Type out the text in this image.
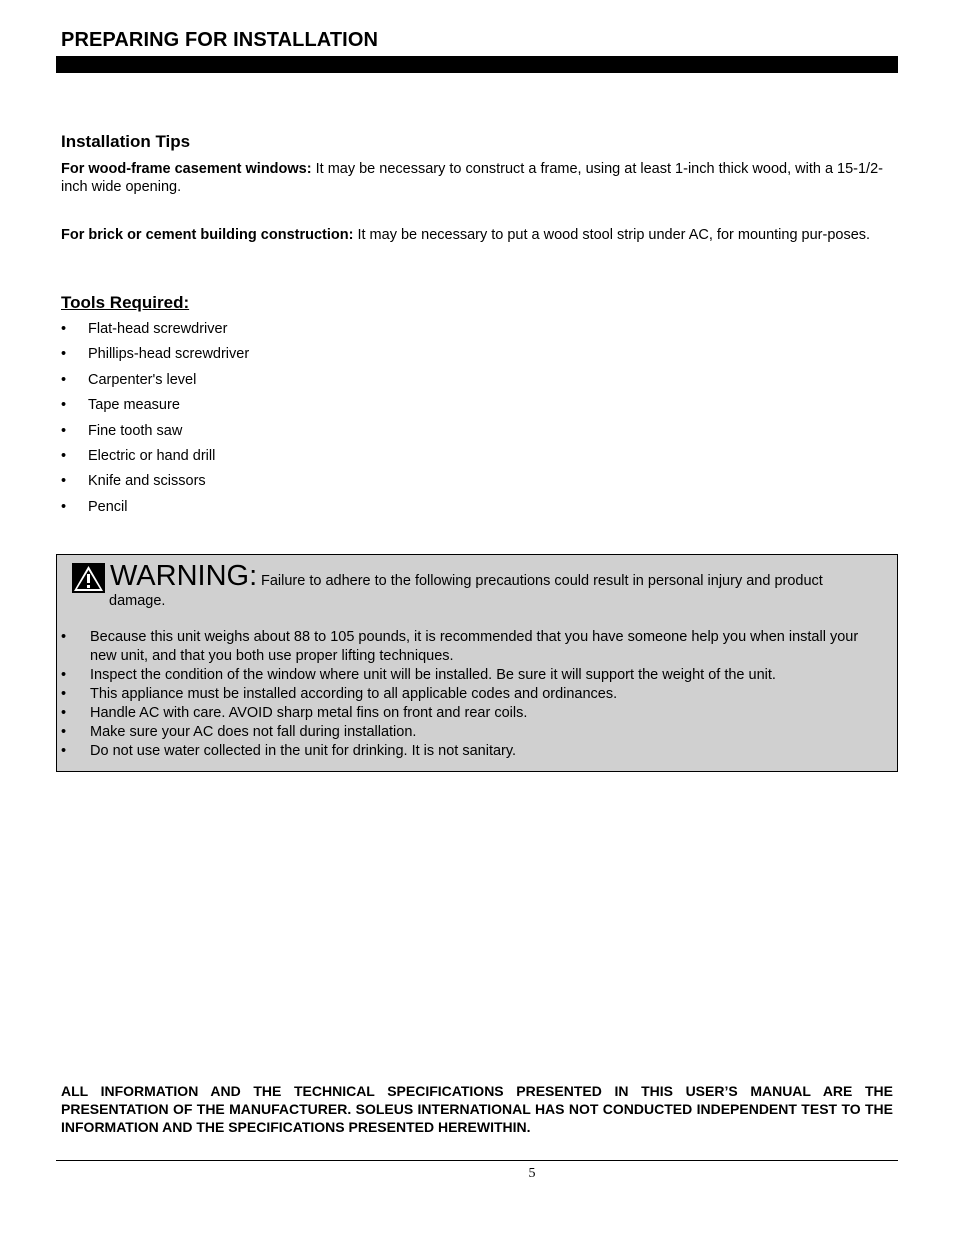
PREPARING FOR INSTALLATION
Installation Tips
For wood-frame casement windows: It may be necessary to construct a frame, using at least 1-inch thick wood, with a 15-1/2-inch wide opening.
For brick or cement building construction: It may be necessary to put a wood stool strip under AC, for mounting pur-poses.
Tools Required:
• Flat-head screwdriver
• Phillips-head screwdriver
• Carpenter's level
• Tape measure
• Fine tooth saw
• Electric or hand drill
• Knife and scissors
• Pencil
WARNING: Failure to adhere to the following precautions could result in personal injury and product damage.
• Because this unit weighs about 88 to 105 pounds, it is recommended that you have someone help you when install your new unit, and that you both use proper lifting techniques.
• Inspect the condition of the window where unit will be installed. Be sure it will support the weight of the unit.
• This appliance must be installed according to all applicable codes and ordinances.
• Handle AC with care. AVOID sharp metal fins on front and rear coils.
• Make sure your AC does not fall during installation.
• Do not use water collected in the unit for drinking. It is not sanitary.
ALL INFORMATION AND THE TECHNICAL SPECIFICATIONS PRESENTED IN THIS USER’S MANUAL ARE THE PRESENTATION OF THE MANUFACTURER. SOLEUS INTERNATIONAL HAS NOT CONDUCTED INDEPENDENT TEST TO THE INFORMATION AND THE SPECIFICATIONS PRESENTED HEREWITHIN.
5
